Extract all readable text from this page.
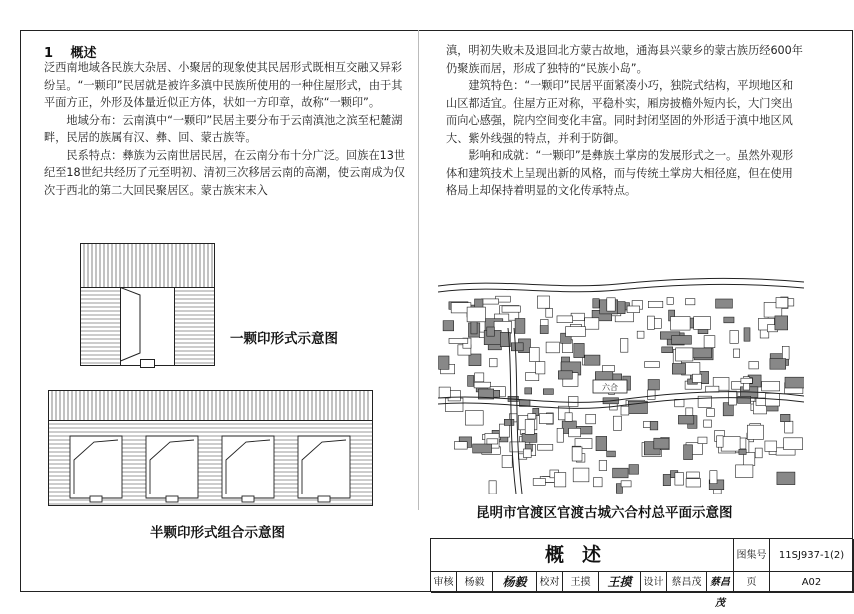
1 概述

泛西南地域各民族大杂居、小聚居的现象使其民居形式既相互交融又异彩纷呈。“一颗印”民居就是被许多滇中民族所使用的一种住屋形式，由于其平面方正，外形及体量近似正方体，状如一方印章，故称“一颗印”。

地域分布：云南滇中“一颗印”民居主要分布于云南滇池之滨至杞麓湖畔，民居的族属有汉、彝、回、蒙古族等。

民系特点：彝族为云南世居民居，在云南分布十分广泛。回族在13世纪至18世纪共经历了元至明初、清初三次移居云南的高潮，使云南成为仅次于西北的第二大回民聚居区。蒙古族宋末入

滇，明初失败未及退回北方蒙古故地，通海县兴蒙乡的蒙古族历经600年仍聚族而居，形成了独特的“民族小岛”。

建筑特色：“一颗印”民居平面紧凑小巧，独院式结构，平坝地区和山区都适宜。住屋方正对称，平稳朴实，厢房披檐外短内长，大门突出而向心感强，院内空间变化丰富。同时封闭坚固的外形适于滇中地区风大、紫外线强的特点，并利于防御。

影响和成就：“一颗印”是彝族土掌房的发展形式之一。虽然外观形体和建筑技术上呈现出新的风格，而与传统土掌房大相径庭，但在使用格局上却保持着明显的文化传承特点。

六合
一颗印形式示意图
半颗印形式组合示意图
昆明市官渡区官渡古城六合村总平面示意图
概述	图集号	11SJ937-1(2)
审核	杨毅	杨毅	校对	王摸	王摸	设计 蔡昌茂 蔡昌茂
页	A02
